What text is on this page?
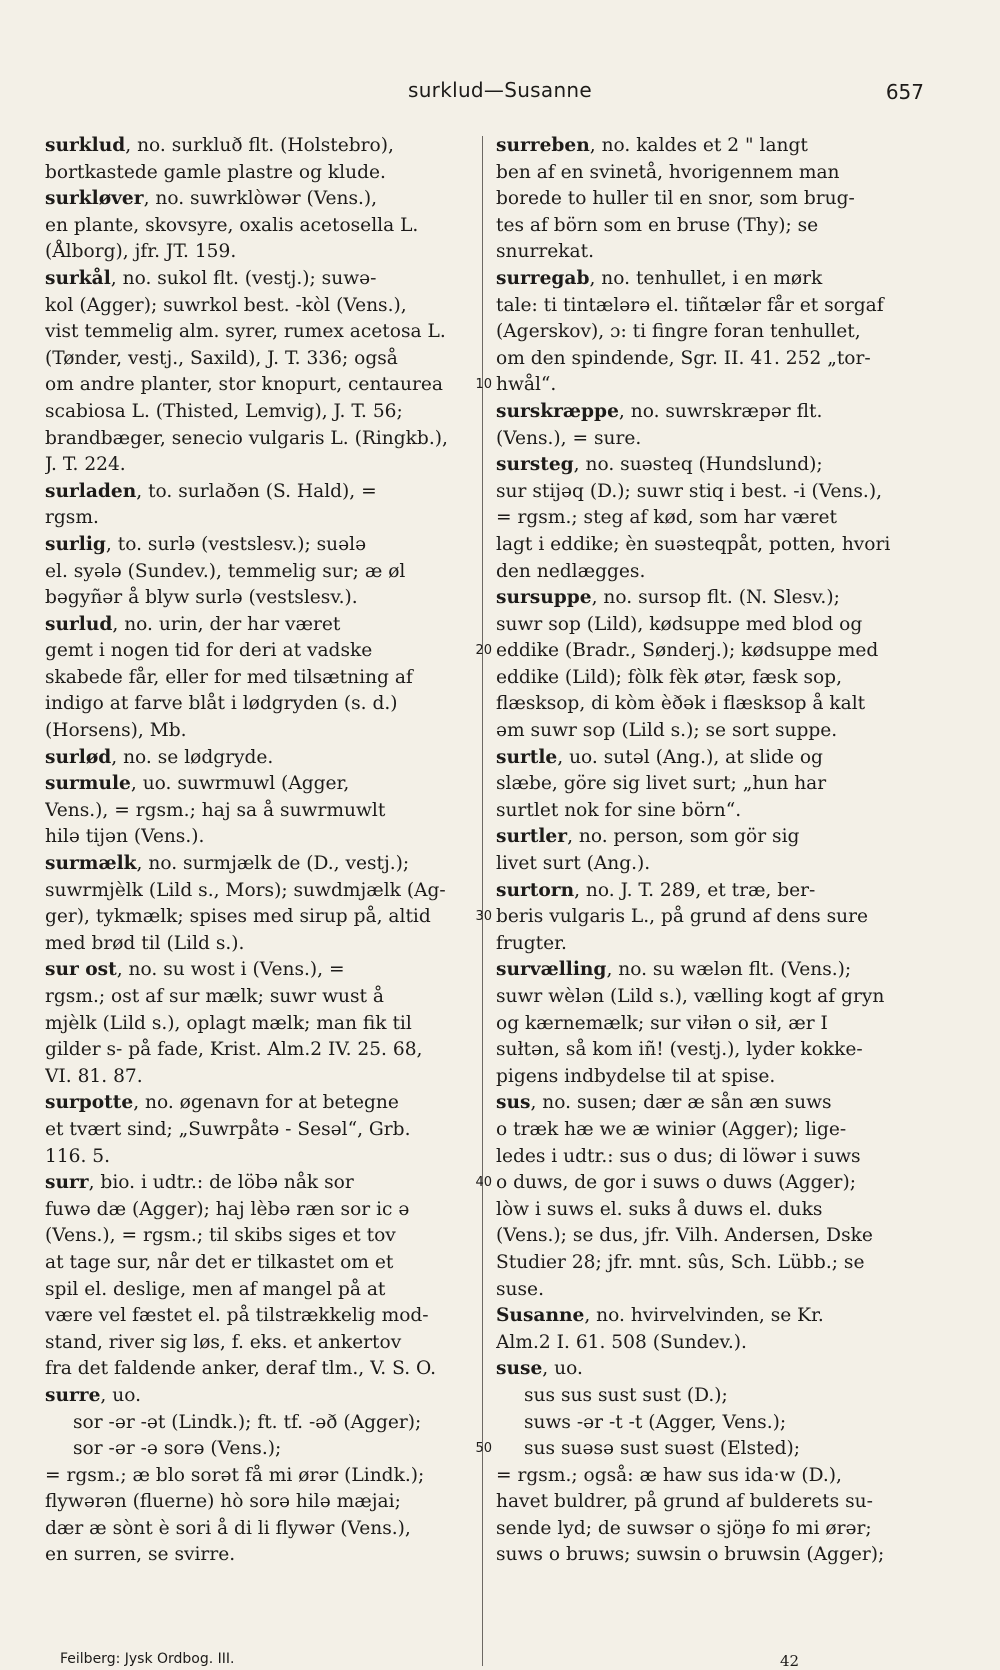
surklud—Susanne	657
surklud, no. surkluð flt. (Holstebro),
bortkastede gamle plastre og klude.
surkløver, no. suwrklòwər (Vens.),
en plante, skovsyre, oxalis acetosella L.
(Ålborg), jfr. JT. 159.
surkål, no. sukol flt. (vestj.); suwə-
kol (Agger); suwrkol best. -kòl (Vens.),
vist temmelig alm. syrer, rumex acetosa L.
(Tønder, vestj., Saxild), J. T. 336; også
om andre planter, stor knopurt, centaurea
scabiosa L. (Thisted, Lemvig), J. T. 56;
brandbæger, senecio vulgaris L. (Ringkb.),
J. T. 224.
surladen, to. surlaðən (S. Hald), =
rgsm.
surlig, to. surlə (vestslesv.); suələ
el. syələ (Sundev.), temmelig sur; æ øl
bəgyñər å blyw surlə (vestslesv.).
surlud, no. urin, der har været
gemt i nogen tid for deri at vadske
skabede får, eller for med tilsætning af
indigo at farve blåt i lødgryden (s. d.)
(Horsens), Mb.
surlød, no. se lødgryde.
surmule, uo. suwrmuwl (Agger,
Vens.), = rgsm.; haj sa å suwrmuwlt
hilə tijən (Vens.).
surmælk, no. surmjælk de (D., vestj.);
suwrmjèlk (Lild s., Mors); suwdmjælk (Ag-
ger), tykmælk; spises med sirup på, altid
med brød til (Lild s.).
sur ost, no. su wost i (Vens.), =
rgsm.; ost af sur mælk; suwr wust å
mjèlk (Lild s.), oplagt mælk; man fik til
gilder s- på fade, Krist. Alm.2 IV. 25. 68,
VI. 81. 87.
surpotte, no. øgenavn for at betegne
et tvært sind; „Suwrpåtə - Sesəl“, Grb.
116. 5.
surr, bio. i udtr.: de löbə nåk sor
fuwə dæ (Agger); haj lèbə ræn sor ic ə
(Vens.), = rgsm.; til skibs siges et tov
at tage sur, når det er tilkastet om et
spil el. deslige, men af mangel på at
være vel fæstet el. på tilstrækkelig mod-
stand, river sig løs, f. eks. et ankertov
fra det faldende anker, deraf tlm., V. S. O.
surre, uo.
sor -ər -ət (Lindk.); ft. tf. -əð (Agger);
sor -ər -ə sorə (Vens.);
= rgsm.; æ blo sorət få mi ørər (Lindk.);
flywərən (fluerne) hò sorə hilə mæjai;
dær æ sònt è sori å di li flywər (Vens.),
en surren, se svirre.
surreben, no. kaldes et 2 " langt
ben af en svinetå, hvorigennem man
borede to huller til en snor, som brug-
tes af börn som en bruse (Thy); se
snurrekat.
surregab, no. tenhullet, i en mørk
tale: ti tintælərə el. tiñtælər får et sorgaf
(Agerskov), ɔ: ti fingre foran tenhullet,
om den spindende, Sgr. II. 41. 252 „tor-
hwål“.
surskræppe, no. suwrskræpər flt.
(Vens.), = sure.
sursteg, no. suəsteq (Hundslund);
sur stijəq (D.); suwr stiq i best. -i (Vens.),
= rgsm.; steg af kød, som har været
lagt i eddike; èn suəsteqpåt, potten, hvori
den nedlægges.
sursuppe, no. sursop flt. (N. Slesv.);
suwr sop (Lild), kødsuppe med blod og
eddike (Bradr., Sønderj.); kødsuppe med
eddike (Lild); fòlk fèk øtər, fæsk sop,
flæsksop, di kòm èðək i flæsksop å kalt
əm suwr sop (Lild s.); se sort suppe.
surtle, uo. sutəl (Ang.), at slide og
slæbe, göre sig livet surt; „hun har
surtlet nok for sine börn“.
surtler, no. person, som gör sig
livet surt (Ang.).
surtorn, no. J. T. 289, et træ, ber-
beris vulgaris L., på grund af dens sure
frugter.
survælling, no. su wælən flt. (Vens.);
suwr wèlən (Lild s.), vælling kogt af gryn
og kærnemælk; sur viłən o sił, ær I
sułtən, så kom iñ! (vestj.), lyder kokke-
pigens indbydelse til at spise.
sus, no. susen; dær æ sån æn suws
o træk hæ we æ winiər (Agger); lige-
ledes i udtr.: sus o dus; di löwər i suws
o duws, de gor i suws o duws (Agger);
lòw i suws el. suks å duws el. duks
(Vens.); se dus, jfr. Vilh. Andersen, Dske
Studier 28; jfr. mnt. sûs, Sch. Lübb.; se
suse.
Susanne, no. hvirvelvinden, se Kr.
Alm.2 I. 61. 508 (Sundev.).
suse, uo.
sus sus sust sust (D.);
suws -ər -t -t (Agger, Vens.);
sus suəsə sust suəst (Elsted);
= rgsm.; også: æ haw sus ida·w (D.),
havet buldrer, på grund af bulderets su-
sende lyd; de suwsər o sjöŋə fo mi ørər;
suws o bruws; suwsin o bruwsin (Agger);
10
20
30
40
50
Feilberg: Jysk Ordbog. III.	42
